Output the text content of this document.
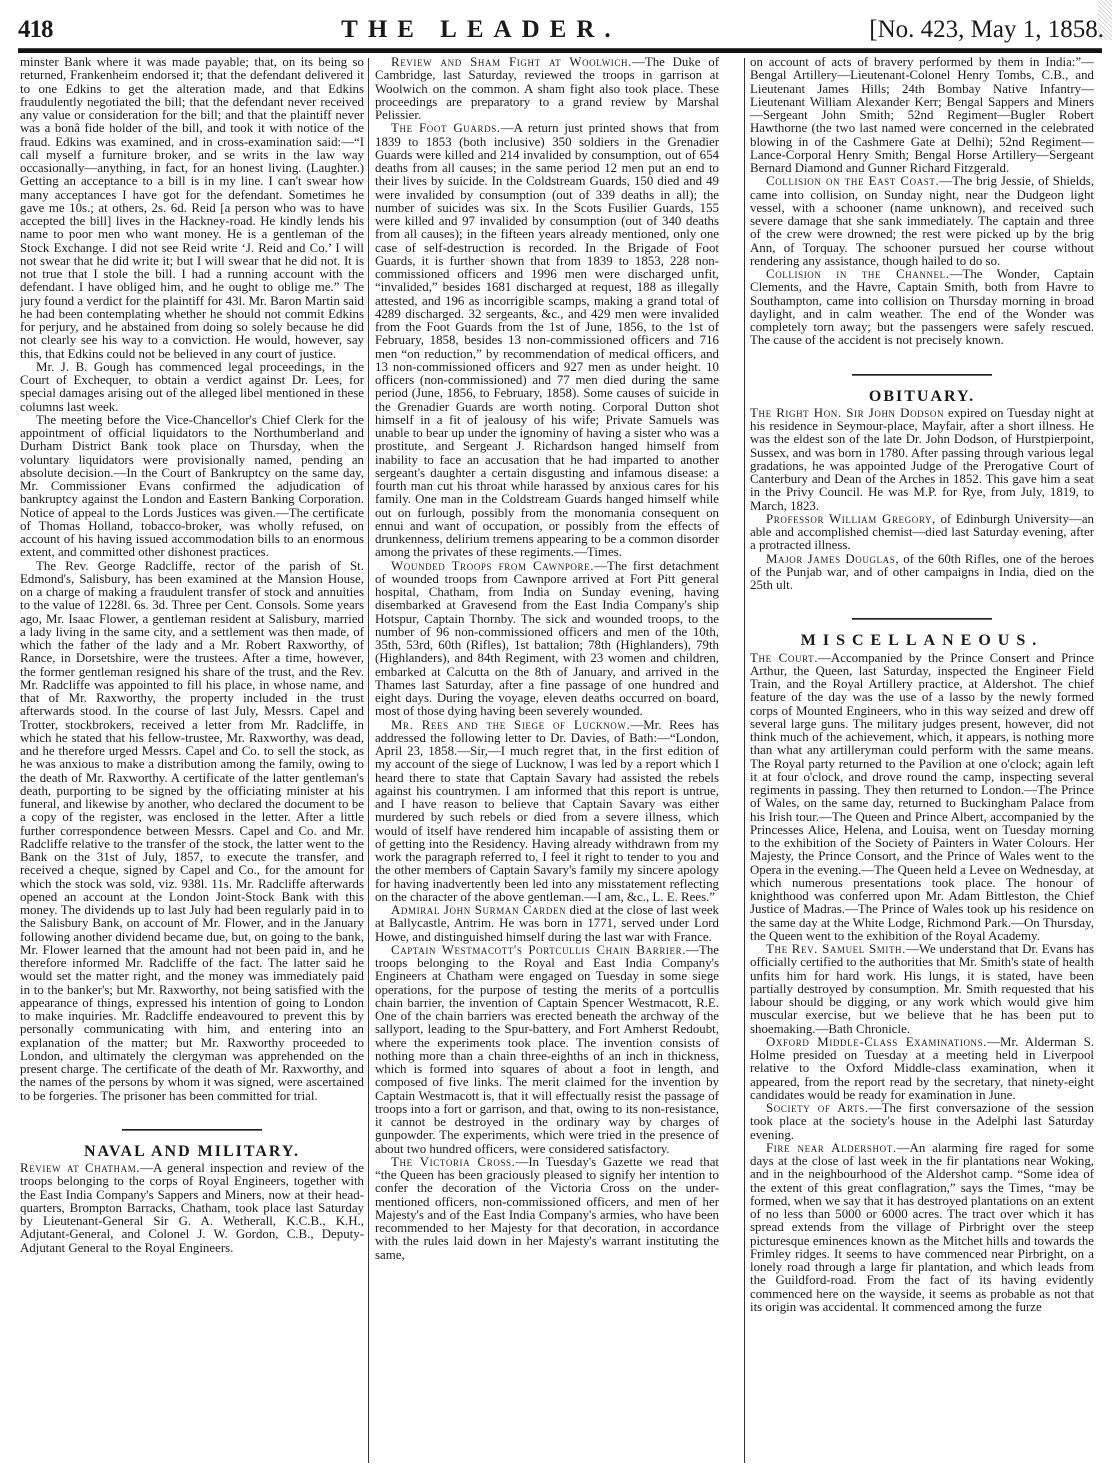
418	THE LEADER.	[No. 423, May 1, 1858.

minster Bank where it was made payable; that, on its being so returned, Frankenheim endorsed it; that the defendant delivered it to one Edkins to get the alteration made, and that Edkins fraudulently negotiated the bill; that the defendant never received any value or consideration for the bill; and that the plaintiff never was a bonâ fide holder of the bill, and took it with notice of the fraud. Edkins was examined, and in cross-examination said:—“I call myself a furniture broker, and se writs in the law way occasionally—anything, in fact, for an honest living. (Laughter.) Getting an acceptance to a bill is in my line. I can't swear how many acceptances I have got for the defendant. Sometimes he gave me 10s.; at others, 2s. 6d. Reid [a person who was to have accepted the bill] lives in the Hackney-road. He kindly lends his name to poor men who want money. He is a gentleman of the Stock Exchange. I did not see Reid write ‘J. Reid and Co.’ I will not swear that he did write it; but I will swear that he did not. It is not true that I stole the bill. I had a running account with the defendant. I have obliged him, and he ought to oblige me.” The jury found a verdict for the plaintiff for 43l. Mr. Baron Martin said he had been contemplating whether he should not commit Edkins for perjury, and he abstained from doing so solely because he did not clearly see his way to a conviction. He would, however, say this, that Edkins could not be believed in any court of justice.

Mr. J. B. Gough has commenced legal proceedings, in the Court of Exchequer, to obtain a verdict against Dr. Lees, for special damages arising out of the alleged libel mentioned in these columns last week.

The meeting before the Vice-Chancellor's Chief Clerk for the appointment of official liquidators to the Northumberland and Durham District Bank took place on Thursday, when the voluntary liquidators were provisionally named, pending an absolute decision.—In the Court of Bankruptcy on the same day, Mr. Commissioner Evans confirmed the adjudication of bankruptcy against the London and Eastern Banking Corporation. Notice of appeal to the Lords Justices was given.—The certificate of Thomas Holland, tobacco-broker, was wholly refused, on account of his having issued accommodation bills to an enormous extent, and committed other dishonest practices.

The Rev. George Radcliffe, rector of the parish of St. Edmond's, Salisbury, has been examined at the Mansion House, on a charge of making a fraudulent transfer of stock and annuities to the value of 1228l. 6s. 3d. Three per Cent. Consols. Some years ago, Mr. Isaac Flower, a gentleman resident at Salisbury, married a lady living in the same city, and a settlement was then made, of which the father of the lady and a Mr. Robert Raxworthy, of Rance, in Dorsetshire, were the trustees. After a time, however, the former gentleman resigned his share of the trust, and the Rev. Mr. Radcliffe was appointed to fill his place, in whose name, and that of Mr. Raxworthy, the property included in the trust afterwards stood. In the course of last July, Messrs. Capel and Trotter, stockbrokers, received a letter from Mr. Radcliffe, in which he stated that his fellow-trustee, Mr. Raxworthy, was dead, and he therefore urged Messrs. Capel and Co. to sell the stock, as he was anxious to make a distribution among the family, owing to the death of Mr. Raxworthy. A certificate of the latter gentleman's death, purporting to be signed by the officiating minister at his funeral, and likewise by another, who declared the document to be a copy of the register, was enclosed in the letter. After a little further correspondence between Messrs. Capel and Co. and Mr. Radcliffe relative to the transfer of the stock, the latter went to the Bank on the 31st of July, 1857, to execute the transfer, and received a cheque, signed by Capel and Co., for the amount for which the stock was sold, viz. 938l. 11s. Mr. Radcliffe afterwards opened an account at the London Joint-Stock Bank with this money. The dividends up to last July had been regularly paid in to the Salisbury Bank, on account of Mr. Flower, and in the January following another dividend became due, but, on going to the bank, Mr. Flower learned that the amount had not been paid in, and he therefore informed Mr. Radcliffe of the fact. The latter said he would set the matter right, and the money was immediately paid in to the banker's; but Mr. Raxworthy, not being satisfied with the appearance of things, expressed his intention of going to London to make inquiries. Mr. Radcliffe endeavoured to prevent this by personally communicating with him, and entering into an explanation of the matter; but Mr. Raxworthy proceeded to London, and ultimately the clergyman was apprehended on the present charge. The certificate of the death of Mr. Raxworthy, and the names of the persons by whom it was signed, were ascertained to be forgeries. The prisoner has been committed for trial.

NAVAL AND MILITARY.

Review at Chatham.—A general inspection and review of the troops belonging to the corps of Royal Engineers, together with the East India Company's Sappers and Miners, now at their head-quarters, Brompton Barracks, Chatham, took place last Saturday by Lieutenant-General Sir G. A. Wetherall, K.C.B., K.H., Adjutant-General, and Colonel J. W. Gordon, C.B., Deputy-Adjutant General to the Royal Engineers.

Review and Sham Fight at Woolwich.—The Duke of Cambridge, last Saturday, reviewed the troops in garrison at Woolwich on the common. A sham fight also took place. These proceedings are preparatory to a grand review by Marshal Pelissier.

The Foot Guards.—A return just printed shows that from 1839 to 1853 (both inclusive) 350 soldiers in the Grenadier Guards were killed and 214 invalided by consumption, out of 654 deaths from all causes; in the same period 12 men put an end to their lives by suicide. In the Coldstream Guards, 150 died and 49 were invalided by consumption (out of 339 deaths in all); the number of suicides was six. In the Scots Fusilier Guards, 155 were killed and 97 invalided by consumption (out of 340 deaths from all causes); in the fifteen years already mentioned, only one case of self-destruction is recorded. In the Brigade of Foot Guards, it is further shown that from 1839 to 1853, 228 non-commissioned officers and 1996 men were discharged unfit, “invalided,” besides 1681 discharged at request, 188 as illegally attested, and 196 as incorrigible scamps, making a grand total of 4289 discharged. 32 sergeants, &c., and 429 men were invalided from the Foot Guards from the 1st of June, 1856, to the 1st of February, 1858, besides 13 non-commissioned officers and 716 men “on reduction,” by recommendation of medical officers, and 13 non-commissioned officers and 927 men as under height. 10 officers (non-commissioned) and 77 men died during the same period (June, 1856, to February, 1858). Some causes of suicide in the Grenadier Guards are worth noting. Corporal Dutton shot himself in a fit of jealousy of his wife; Private Samuels was unable to bear up under the ignominy of having a sister who was a prostitute, and Sergeant J. Richardson hanged himself from inability to face an accusation that he had imparted to another sergeant's daughter a certain disgusting and infamous disease: a fourth man cut his throat while harassed by anxious cares for his family. One man in the Coldstream Guards hanged himself while out on furlough, possibly from the monomania consequent on ennui and want of occupation, or possibly from the effects of drunkenness, delirium tremens appearing to be a common disorder among the privates of these regiments.—Times.

Wounded Troops from Cawnpore.—The first detachment of wounded troops from Cawnpore arrived at Fort Pitt general hospital, Chatham, from India on Sunday evening, having disembarked at Gravesend from the East India Company's ship Hotspur, Captain Thornby. The sick and wounded troops, to the number of 96 non-commissioned officers and men of the 10th, 35th, 53rd, 60th (Rifles), 1st battalion; 78th (Highlanders), 79th (Highlanders), and 84th Regiment, with 23 women and children, embarked at Calcutta on the 8th of January, and arrived in the Thames last Saturday, after a fine passage of one hundred and eight days. During the voyage, eleven deaths occurred on board, most of those dying having been severely wounded.

Mr. Rees and the Siege of Lucknow.—Mr. Rees has addressed the following letter to Dr. Davies, of Bath:—“London, April 23, 1858.—Sir,—I much regret that, in the first edition of my account of the siege of Lucknow, I was led by a report which I heard there to state that Captain Savary had assisted the rebels against his countrymen. I am informed that this report is untrue, and I have reason to believe that Captain Savary was either murdered by such rebels or died from a severe illness, which would of itself have rendered him incapable of assisting them or of getting into the Residency. Having already withdrawn from my work the paragraph referred to, I feel it right to tender to you and the other members of Captain Savary's family my sincere apology for having inadvertently been led into any misstatement reflecting on the character of the above gentleman.—I am, &c., L. E. Rees.”

Admiral John Surman Carden died at the close of last week at Ballycastle, Antrim. He was born in 1771, served under Lord Howe, and distinguished himself during the last war with France.

Captain Westmacott's Portcullis Chain Barrier.—The troops belonging to the Royal and East India Company's Engineers at Chatham were engaged on Tuesday in some siege operations, for the purpose of testing the merits of a portcullis chain barrier, the invention of Captain Spencer Westmacott, R.E. One of the chain barriers was erected beneath the archway of the sallyport, leading to the Spur-battery, and Fort Amherst Redoubt, where the experiments took place. The invention consists of nothing more than a chain three-eighths of an inch in thickness, which is formed into squares of about a foot in length, and composed of five links. The merit claimed for the invention by Captain Westmacott is, that it will effectually resist the passage of troops into a fort or garrison, and that, owing to its non-resistance, it cannot be destroyed in the ordinary way by charges of gunpowder. The experiments, which were tried in the presence of about two hundred officers, were considered satisfactory.

The Victoria Cross.—In Tuesday's Gazette we read that “the Queen has been graciously pleased to signify her intention to confer the decoration of the Victoria Cross on the under-mentioned officers, non-commissioned officers, and men of her Majesty's and of the East India Company's armies, who have been recommended to her Majesty for that decoration, in accordance with the rules laid down in her Majesty's warrant instituting the same,

on account of acts of bravery performed by them in India:”—Bengal Artillery—Lieutenant-Colonel Henry Tombs, C.B., and Lieutenant James Hills; 24th Bombay Native Infantry—Lieutenant William Alexander Kerr; Bengal Sappers and Miners—Sergeant John Smith; 52nd Regiment—Bugler Robert Hawthorne (the two last named were concerned in the celebrated blowing in of the Cashmere Gate at Delhi); 52nd Regiment—Lance-Corporal Henry Smith; Bengal Horse Artillery—Sergeant Bernard Diamond and Gunner Richard Fitzgerald.

Collision on the East Coast.—The brig Jessie, of Shields, came into collision, on Sunday night, near the Dudgeon light vessel, with a schooner (name unknown), and received such severe damage that she sank immediately. The captain and three of the crew were drowned; the rest were picked up by the brig Ann, of Torquay. The schooner pursued her course without rendering any assistance, though hailed to do so.

Collision in the Channel.—The Wonder, Captain Clements, and the Havre, Captain Smith, both from Havre to Southampton, came into collision on Thursday morning in broad daylight, and in calm weather. The end of the Wonder was completely torn away; but the passengers were safely rescued. The cause of the accident is not precisely known.

OBITUARY.

The Right Hon. Sir John Dodson expired on Tuesday night at his residence in Seymour-place, Mayfair, after a short illness. He was the eldest son of the late Dr. John Dodson, of Hurstpierpoint, Sussex, and was born in 1780. After passing through various legal gradations, he was appointed Judge of the Prerogative Court of Canterbury and Dean of the Arches in 1852. This gave him a seat in the Privy Council. He was M.P. for Rye, from July, 1819, to March, 1823.

Professor William Gregory, of Edinburgh University—an able and accomplished chemist—died last Saturday evening, after a protracted illness.

Major James Douglas, of the 60th Rifles, one of the heroes of the Punjab war, and of other campaigns in India, died on the 25th ult.

MISCELLANEOUS.

The Court.—Accompanied by the Prince Consert and Prince Arthur, the Queen, last Saturday, inspected the Engineer Field Train, and the Royal Artillery practice, at Aldershot. The chief feature of the day was the use of a lasso by the newly formed corps of Mounted Engineers, who in this way seized and drew off several large guns. The military judges present, however, did not think much of the achievement, which, it appears, is nothing more than what any artilleryman could perform with the same means. The Royal party returned to the Pavilion at one o'clock; again left it at four o'clock, and drove round the camp, inspecting several regiments in passing. They then returned to London.—The Prince of Wales, on the same day, returned to Buckingham Palace from his Irish tour.—The Queen and Prince Albert, accompanied by the Princesses Alice, Helena, and Louisa, went on Tuesday morning to the exhibition of the Society of Painters in Water Colours. Her Majesty, the Prince Consort, and the Prince of Wales went to the Opera in the evening.—The Queen held a Levee on Wednesday, at which numerous presentations took place. The honour of knighthood was conferred upon Mr. Adam Bittleston, the Chief Justice of Madras.—The Prince of Wales took up his residence on the same day at the White Lodge, Richmond Park.—On Thursday, the Queen went to the exhibition of the Royal Academy.

The Rev. Samuel Smith.—We understand that Dr. Evans has officially certified to the authorities that Mr. Smith's state of health unfits him for hard work. His lungs, it is stated, have been partially destroyed by consumption. Mr. Smith requested that his labour should be digging, or any work which would give him muscular exercise, but we believe that he has been put to shoemaking.—Bath Chronicle.

Oxford Middle-Class Examinations.—Mr. Alderman S. Holme presided on Tuesday at a meeting held in Liverpool relative to the Oxford Middle-class examination, when it appeared, from the report read by the secretary, that ninety-eight candidates would be ready for examination in June.

Society of Arts.—The first conversazione of the session took place at the society's house in the Adelphi last Saturday evening.

Fire near Aldershot.—An alarming fire raged for some days at the close of last week in the fir plantations near Woking, and in the neighbourhood of the Aldershot camp. “Some idea of the extent of this great conflagration,” says the Times, “may be formed, when we say that it has destroyed plantations on an extent of no less than 5000 or 6000 acres. The tract over which it has spread extends from the village of Pirbright over the steep picturesque eminences known as the Mitchet hills and towards the Frimley ridges. It seems to have commenced near Pirbright, on a lonely road through a large fir plantation, and which leads from the Guildford-road. From the fact of its having evidently commenced here on the wayside, it seems as probable as not that its origin was accidental. It commenced among the furze
